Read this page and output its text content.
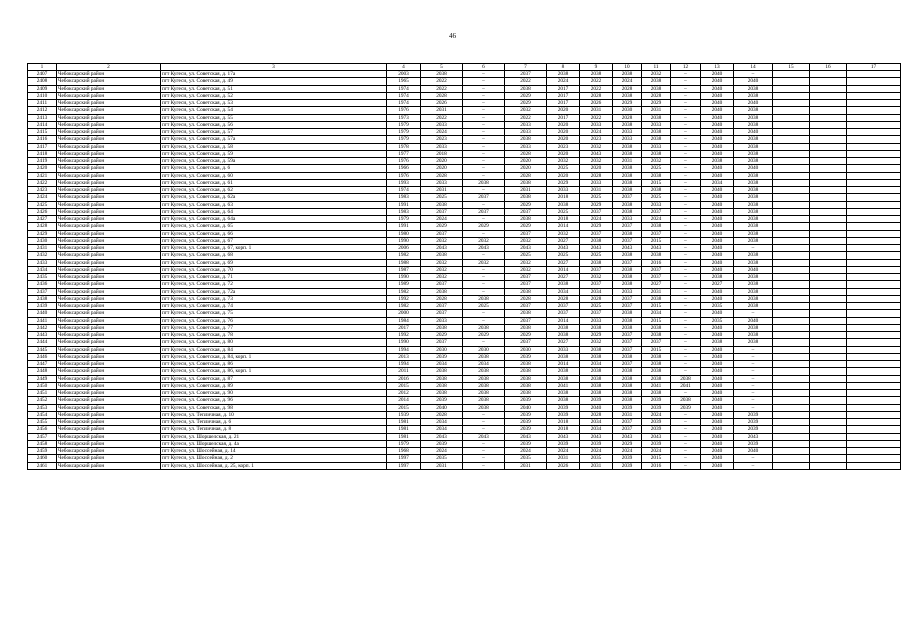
46
1	2	3	4	5	6	7	8	9	10	11	12	13	14	15	16	17
2407	Чебоксарский район	пгт Кугеси, ул. Советская, д. 17а	2003	2038	–	2037	2038	2038	2038	2032	–	2040	–			
2408	Чебоксарский район	пгт Кугеси, ул. Советская, д. 49	1965	2022	–	2022	2024	2022	2024	2038	–	2040	2040			
2409	Чебоксарский район	пгт Кугеси, ул. Советская, д. 51	1974	2022	–	2038	2017	2022	2028	2038	–	2040	2038			
2410	Чебоксарский район	пгт Кугеси, ул. Советская, д. 52	1974	2028	–	2029	2017	2028	2038	2028	–	2040	2038			
2411	Чебоксарский район	пгт Кугеси, ул. Советская, д. 53	1974	2026	–	2029	2017	2026	2029	2029	–	2040	2040			
2412	Чебоксарский район	пгт Кугеси, ул. Советская, д. 54	1976	2031	–	2032	2020	2031	2030	2031	–	2040	2038			
2413	Чебоксарский район	пгт Кугеси, ул. Советская, д. 55	1973	2022	–	2022	2017	2022	2028	2038	–	2040	2038			
2414	Чебоксарский район	пгт Кугеси, ул. Советская, д. 56	1979	2033	–	2033	2020	2033	2038	2033	–	2040	2038			
2415	Чебоксарский район	пгт Кугеси, ул. Советская, д. 57	1979	2024	–	2033	2020	2024	2033	2038	–	2040	2040			
2416	Чебоксарский район	пгт Кугеси, ул. Советская, д. 57а	1979	2023	–	2038	2020	2023	2033	2038	–	2040	2038			
2417	Чебоксарский район	пгт Кугеси, ул. Советская, д. 58	1978	2033	–	2033	2023	2032	2038	2033	–	2040	2038			
2418	Чебоксарский район	пгт Кугеси, ул. Советская, д. 59	1977	2018	–	2028	2020	2043	2038	2038	–	2040	2038			
2419	Чебоксарский район	пгт Кугеси, ул. Советская, д. 59а	1976	2020	–	2020	2032	2032	2031	2032	–	2038	2038			
2420	Чебоксарский район	пгт Кугеси, ул. Советская, д. 6	1966	2020	–	2020	2025	2020	2038	2025	–	2040	2040			
2421	Чебоксарский район	пгт Кугеси, ул. Советская, д. 60	1976	2028	–	2028	2020	2028	2038	2038	–	2040	2038			
2422	Чебоксарский район	пгт Кугеси, ул. Советская, д. 61	1993	2033	2038	2038	2029	2033	2038	2015	–	2034	2038			
2423	Чебоксарский район	пгт Кугеси, ул. Советская, д. 62	1974	2031	–	2031	2033	2031	2038	2038	–	2040	2038			
2424	Чебоксарский район	пгт Кугеси, ул. Советская, д. 62а	1983	2025	2037	2038	2018	2025	2037	2025	–	2040	2038			
2425	Чебоксарский район	пгт Кугеси, ул. Советская, д. 63	1991	2038	–	2029	2038	2029	2038	2033	–	2040	2038			
2426	Чебоксарский район	пгт Кугеси, ул. Советская, д. 64	1983	2037	2037	2037	2025	2037	2038	2037	–	2040	2038			
2427	Чебоксарский район	пгт Кугеси, ул. Советская, д. 64а	1979	2024	–	2038	2018	2024	2033	2024	–	2040	2038			
2428	Чебоксарский район	пгт Кугеси, ул. Советская, д. 65	1991	2029	2029	2029	2014	2029	2037	2038	–	2040	2038			
2429	Чебоксарский район	пгт Кугеси, ул. Советская, д. 66	1980	2037	–	2037	2032	2037	2038	2037	–	2040	2038			
2430	Чебоксарский район	пгт Кугеси, ул. Советская, д. 67	1990	2032	2032	2032	2027	2038	2037	2015	–	2040	2038			
2431	Чебоксарский район	пгт Кугеси, ул. Советская, д. 67, корп. 1	2006	2043	2043	2043	2043	2043	2043	2043	–	2040	–			
2432	Чебоксарский район	пгт Кугеси, ул. Советская, д. 68	1982	2038	–	2025	2025	2025	2038	2038	–	2040	2038			
2433	Чебоксарский район	пгт Кугеси, ул. Советская, д. 69	1988	2032	2032	2032	2027	2038	2037	2016	–	2040	2038			
2434	Чебоксарский район	пгт Кугеси, ул. Советская, д. 70	1987	2032	–	2032	2014	2037	2038	2037	–	2040	2040			
2435	Чебоксарский район	пгт Кугеси, ул. Советская, д. 71	1990	2032	–	2037	2027	2032	2038	2037	–	2038	2038			
2436	Чебоксарский район	пгт Кугеси, ул. Советская, д. 72	1989	2037	–	2037	2038	2037	2038	2027	–	2027	2038			
2437	Чебоксарский район	пгт Кугеси, ул. Советская, д. 72а	1982	2038	–	2038	2034	2034	2033	2031	–	2040	2038			
2438	Чебоксарский район	пгт Кугеси, ул. Советская, д. 73	1992	2028	2038	2028	2028	2028	2037	2038	–	2040	2038			
2439	Чебоксарский район	пгт Кугеси, ул. Советская, д. 74	1982	2037	2025	2037	2037	2025	2037	2015	–	2035	2038			
2440	Чебоксарский район	пгт Кугеси, ул. Советская, д. 75	2000	2037	–	2038	2037	2037	2038	2034	–	2040	–			
2441	Чебоксарский район	пгт Кугеси, ул. Советская, д. 76	1984	2033	–	2037	2014	2033	2038	2015	–	2035	2040			
2442	Чебоксарский район	пгт Кугеси, ул. Советская, д. 77	2017	2038	2038	2038	2038	2038	2038	2038	–	2040	2038			
2443	Чебоксарский район	пгт Кугеси, ул. Советская, д. 78	1992	2029	2029	2029	2038	2029	2037	2038	–	2040	2038			
2444	Чебоксарский район	пгт Кугеси, ул. Советская, д. 80	1990	2037	–	2037	2027	2032	2037	2037	–	2038	2038			
2445	Чебоксарский район	пгт Кугеси, ул. Советская, д. 84	1994	2030	2030	2030	2033	2038	2037	2015	–	2040	–			
2446	Чебоксарский район	пгт Кугеси, ул. Советская, д. 84, корп. 1	2013	2039	2038	2039	2038	2038	2038	2038	–	2040	–			
2447	Чебоксарский район	пгт Кугеси, ул. Советская, д. 86	1994	2034	2034	2038	2014	2034	2037	2038	–	2040	–			
2448	Чебоксарский район	пгт Кугеси, ул. Советская, д. 86, корп. 1	2011	2038	2038	2038	2038	2038	2038	2038	–	2040	–			
2449	Чебоксарский район	пгт Кугеси, ул. Советская, д. 87	2016	2038	2038	2038	2038	2038	2038	2038	2038	2040	–			
2450	Чебоксарский район	пгт Кугеси, ул. Советская, д. 89	2015	2038	2038	2038	2041	2038	2038	2041	2041	2040	–			
2451	Чебоксарский район	пгт Кугеси, ул. Советская, д. 90	2012	2038	2038	2038	2038	2038	2038	2038	–	2040	–			
2452	Чебоксарский район	пгт Кугеси, ул. Советская, д. 96	2014	2039	2038	2039	2038	2039	2038	2039	2038	2040	–			
2453	Чебоксарский район	пгт Кугеси, ул. Советская, д. 98	2015	2040	2038	2040	2039	2040	2039	2039	2039	2040	–			
2454	Чебоксарский район	пгт Кугеси, ул. Тепличная, д. 10	1939	2028	–	2039	2039	2028	2031	2024	–	2040	2039			
2455	Чебоксарский район	пгт Кугеси, ул. Тепличная, д. 6	1981	2034	–	2039	2018	2034	2037	2039	–	2040	2039			
2456	Чебоксарский район	пгт Кугеси, ул. Тепличная, д. 8	1981	2034	–	2039	2018	2034	2037	2039	–	2040	2039			
2457	Чебоксарский район	пгт Кугеси, ул. Шоршелская, д. 21	1981	2043	2043	2043	2043	2043	2043	2043	–	2040	2043			
2458	Чебоксарский район	пгт Кугеси, ул. Шоршелская, д. 4а	1979	2039	–	2039	2039	2039	2029	2039	–	2040	2039			
2459	Чебоксарский район	пгт Кугеси, ул. Шоссейная, д. 14	1968	2024	–	2024	2024	2024	2024	2024	–	2040	2040			
2460	Чебоксарский район	пгт Кугеси, ул. Шоссейная, д. 2	1997	2035	–	2035	2031	2035	2039	2015	–	2040	–			
2461	Чебоксарский район	пгт Кугеси, ул. Шоссейная, д. 25, корп. 1	1997	2031	–	2031	2026	2031	2039	2016	–	2040	–			
